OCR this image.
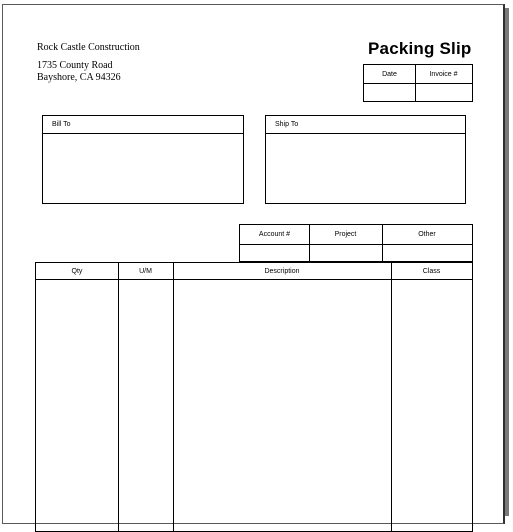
Rock Castle Construction
1735 County Road
Bayshore, CA 94326
Packing Slip
Date	Invoice #
Bill To	Ship To
Account #	Project	Other
Qty	U/M	Description	Class
